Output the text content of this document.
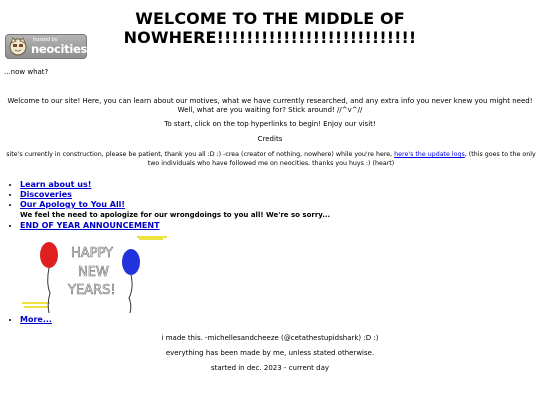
WELCOME TO THE MIDDLE OF NOWHERE!!!!!!!!!!!!!!!!!!!!!!!!!!!
hosted by
neocities
...now what?
Welcome to our site! Here, you can learn about our motives, what we have currently researched, and any extra info you never knew you might need! Well, what are you waiting for? Stick around! //^v^//
To start, click on the top hyperlinks to begin! Enjoy our visit!
Credits
site's currently in construction, please be patient, thank you all :D :) -crea (creator of nothing, nowhere) while you're here, here's the update logs, (this goes to the only two individuals who have followed me on neocities. thanks you huys :) (heart)
• Learn about us!
• Discoveries
• Our Apology to You All!
• END OF YEAR ANNOUNCEMENT
We feel the need to apologize for our wrongdoings to you all! We're so sorry...
HAPPY
NEW
YEARS!
• More...
i made this. -michellesandcheeze (@cetathestupidshark) :D :)
everything has been made by me, unless stated otherwise.
started in dec. 2023 - current day
